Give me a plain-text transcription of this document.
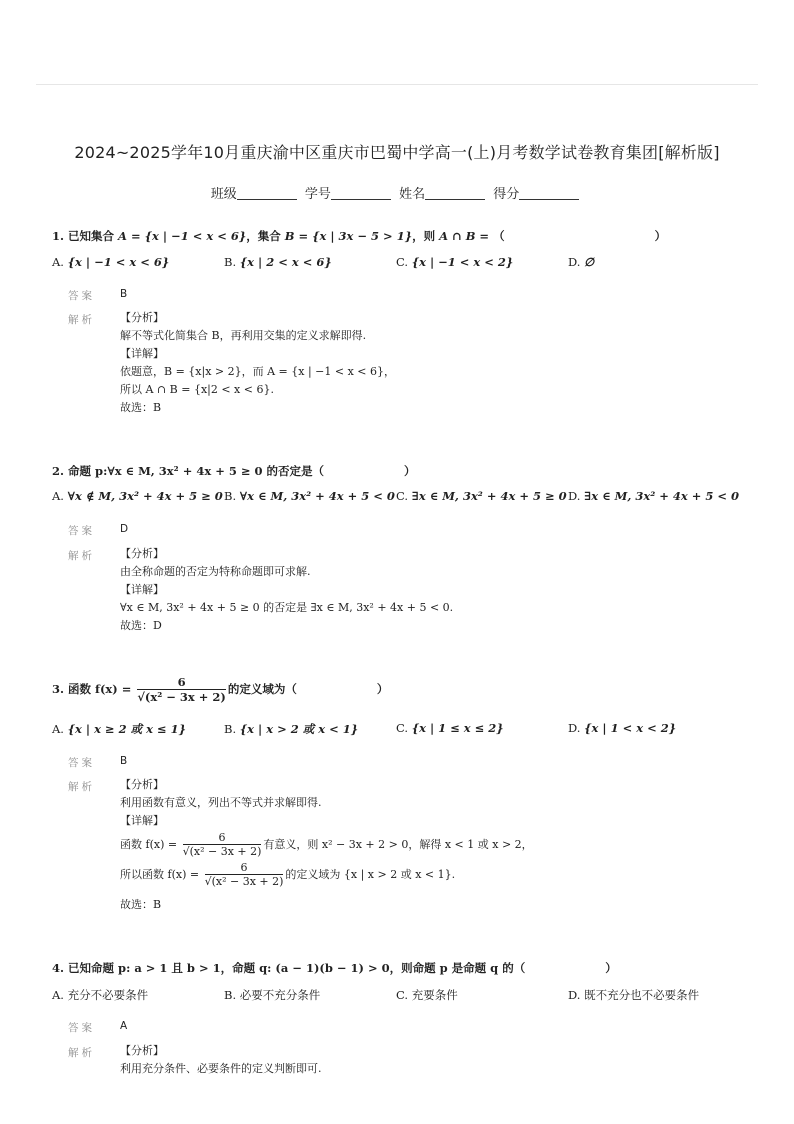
2024~2025学年10月重庆渝中区重庆市巴蜀中学高一(上)月考数学试卷教育集团[解析版]
班级	学号	姓名	得分
1. 已知集合 A = {x | −1 < x < 6}，集合 B = {x | 3x − 5 > 1}，则 A ∩ B = （	）
A. {x | −1 < x < 6}	B. {x | 2 < x < 6}	C. {x | −1 < x < 2}	D. ∅
答案 B
解析 【分析】
解不等式化简集合 B，再利用交集的定义求解即得.
【详解】
依题意，B = {x|x > 2}，而 A = {x | −1 < x < 6}，
所以 A ∩ B = {x|2 < x < 6}.
故选：B
2. 命题 p:∀x ∈ M, 3x² + 4x + 5 ≥ 0 的否定是（	）
A. ∀x ∉ M, 3x² + 4x + 5 ≥ 0 B. ∀x ∈ M, 3x² + 4x + 5 < 0 C. ∃x ∈ M, 3x² + 4x + 5 ≥ 0 D. ∃x ∈ M, 3x² + 4x + 5 < 0
答案 D
解析 【分析】
由全称命题的否定为特称命题即可求解.
【详解】
∀x ∈ M, 3x² + 4x + 5 ≥ 0 的否定是 ∃x ∈ M, 3x² + 4x + 5 < 0.
故选：D
3. 函数 $f(x) = \frac{6}{\text{√(x² − 3x + 2)}}$ 的定义域为（	）
A. {x | x ≥ 2 或 x ≤ 1}	B. {x | x > 2 或 x < 1}	C. {x | 1 ≤ x ≤ 2}	D. {x | 1 < x < 2}
答案 B
解析 【分析】
利用函数有意义，列出不等式并求解即得.
【详解】
函数 $f(x) = \frac{6}{\text{√(x² − 3x + 2)}}$ 有意义，则 x² − 3x + 2 > 0，解得 x < 1 或 x > 2，
所以函数 $f(x) = \frac{6}{\text{√(x² − 3x + 2)}}$ 的定义域为 {x | x > 2 或 x < 1}.
故选：B
4. 已知命题 p: a > 1 且 b > 1，命题 q: (a − 1)(b − 1) > 0，则命题 p 是命题 q 的（	）
A. 充分不必要条件	B. 必要不充分条件	C. 充要条件	D. 既不充分也不必要条件
答案 A
解析 【分析】
利用充分条件、必要条件的定义判断即可.
